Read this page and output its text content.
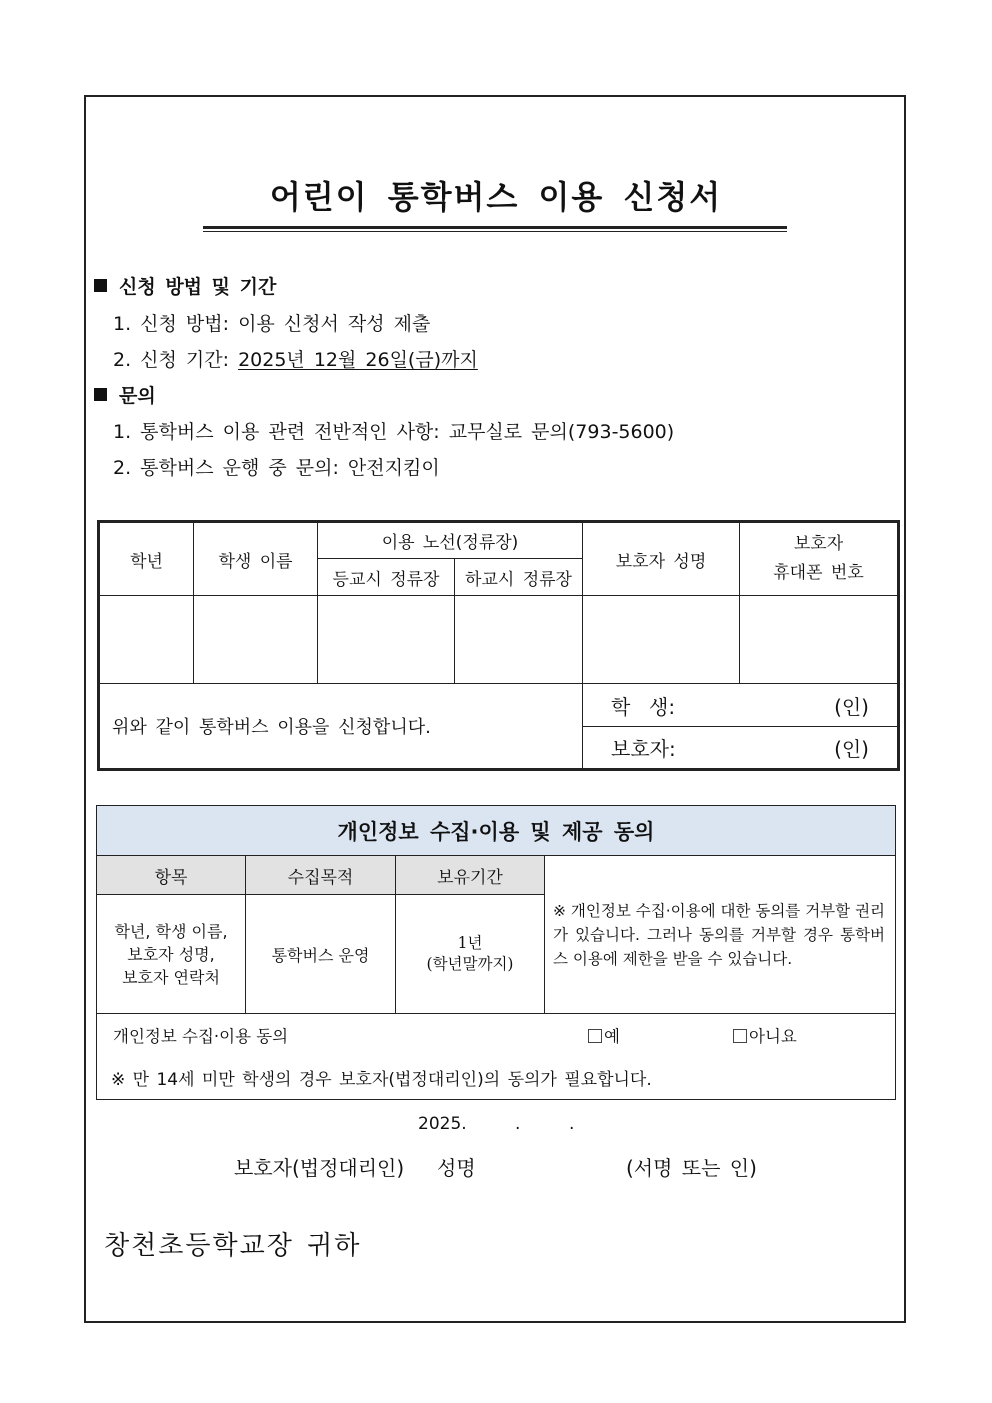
어린이 통학버스 이용 신청서
신청 방법 및 기간
1. 신청 방법: 이용 신청서 작성 제출
2. 신청 기간: 2025년 12월 26일(금)까지
문의
1. 통학버스 이용 관련 전반적인 사항: 교무실로 문의(793-5600)
2. 통학버스 운행 중 문의: 안전지킴이
학년	학생 이름	이용 노선(정류장)		보호자 성명	보호자
휴대폰 번호
		등교시 정류장	하교시 정류장		

위와 같이 통학버스 이용을 신청합니다.				학  생: (인)	

				보호자: (인)	
개인정보 수집·이용 및 제공 동의			
항목	수집목적	보유기간	※ 개인정보 수집·이용에 대한 동의를 거부할 권리가 있습니다. 그러나 동의를 거부할 경우 통학버스 이용에 제한을 받을 수 있습니다.
학년, 학생 이름,
보호자 성명,
보호자 연락처	통학버스 운영	1년
(학년말까지)	

개인정보 수집·이용 동의 예 아니요			

※ 만 14세 미만 학생의 경우 보호자(법정대리인)의 동의가 필요합니다.			
2025.	.	.
보호자(법정대리인) 성명	(서명 또는 인)
창천초등학교장 귀하
